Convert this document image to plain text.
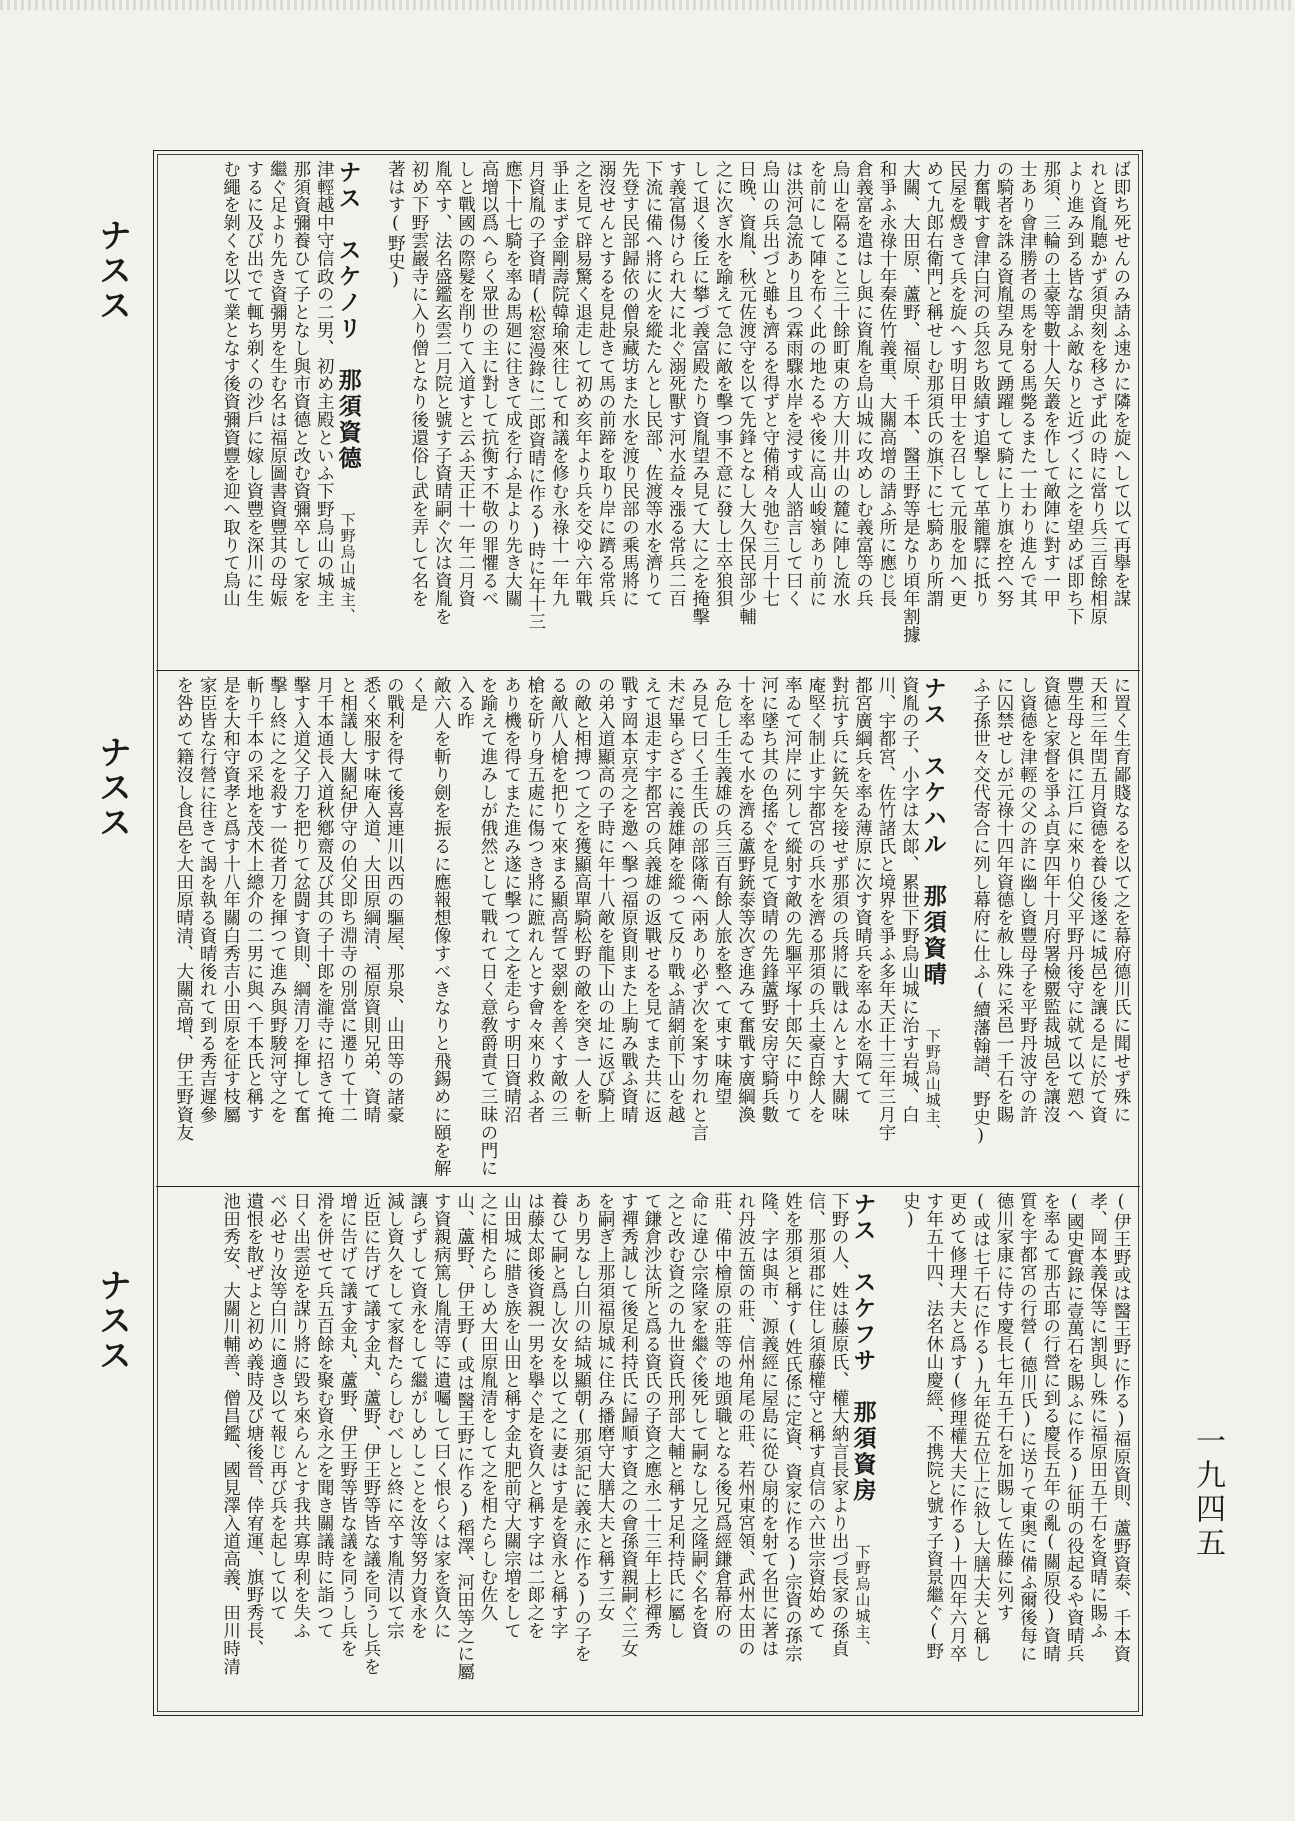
ナスス
ナスス
ナスス
一九四五

ば即ち死せんのみ請ふ速かに隣を旋へして以て再擧を謀

れと資胤聽かず須臾刻を移さず此の時に當り兵三百餘相原

より進み到る皆な謂ふ敵なりと近づくに之を望めば即ち下

那須、三輪の土豪等數十人矢叢を作して敵陣に對す一甲

士あり會津勝者の馬を射る馬斃るまた一士わり進んで其

の騎者を誅る資胤望み見て踴躍して騎に上り旗を控へ努

力奮戰す會津白河の兵忽ち敗績す追撃して革籠驛に抵り

民屋を燬きて兵を旋へす明日甲士を召して元服を加へ更

めて九郎右衛門と稱せしむ那須氏の旗下に七騎あり所謂

大關、大田原、蘆野、福原、千本、醫王野等是なり頃年割據

和爭ふ永祿十年秦佐竹義重、大關高增の請ふ所に應じ長

倉義富を遣はし與に資胤を烏山城に攻めしむ義富等の兵

烏山を隔ること三十餘町東の方大川井山の麓に陣し流水

を前にして陣を布く此の地たるや後に高山峻嶺あり前に

は洪河急流あり且つ霖雨驟水岸を浸す或人諮言して曰く

烏山の兵出づと雖も濟るを得ずと守備稍々弛む三月十七

日晚、資胤、秋元佐渡守を以て先鋒となし大久保民部少輔

之に次ぎ水を踰えて急に敵を擊つ事不意に發し士卒狼狽

して退く後丘に攀づ義富殿たり資胤望み見て大に之を掩擊

す義富傷けられ大に北ぐ溺死獸す河水益々漲る常兵二百

下流に備へ將に火を縱たんとし民部、佐渡等水を濟りて

先登す民部歸依の僧泉藏坊また水を渡り民部の乘馬將に

溺沒せんとするを見赴きて馬の前蹄を取り岸に躋る常兵

之を見て辟易驚く退走して初め亥年より兵を交ゆ六年戰

爭止まず金剛壽院韓瑜來往して和議を修む永祿十一年九

月資胤の子資晴(松窓漫錄に二郎資晴に作る)時に年十三

應下十七騎を率ゐ馬廻に往きて成を行ふ是より先き大關

高增以爲へらく眾世の主に對して抗衡す不敬の罪懼るべ

しと戰國の際髮を削りて入道すと云ふ天正十一年二月資

胤卒す、法名盛鑑玄雲二月院と號す子資晴嗣ぐ次は資胤を

初め下野雲巖寺に入り僧となり後還俗し武を弄して名を

著はす(野史)

ナス　スケノリ　那須資德　　下野烏山城主、

津輕越中守信政の二男、初め主殿といふ下野烏山の城主

那須資彌養ひて子となし與市資德と改む資彌卒して家を

繼ぐ足より先き資彌男を生む名は福原圖書資豐其の母娠

するに及び出でて輒ち剃くの沙戶に嫁し資豐を深川に生

む繩を剝くを以て業となす後資彌資豐を迎へ取りて烏山

に置く生育鄙賤なるを以て之を幕府德川氏に聞せず殊に

天和三年閏五月資德を養ひ後遂に城邑を讓る是に於て資

豐生母と俱に江戶に來り伯父平野丹後守に就て以て愬へ

資德と家督を爭ふ貞享四年十月府署檢覈監裁城邑を讓沒

し資德を津輕の父の許に幽し資豐母子を平野丹波守の許

に囚禁せしが元祿十四年資德を赦し殊に采邑一千石を賜

ふ子孫世々交代寄合に列し幕府に仕ふ(續藩翰譜、野史)

ナス　スケハル　那須資晴　　下野烏山城主、

資胤の子、小字は太郞、累世下野烏山城に治す岩城、白

川、宇都宮、佐竹諸氏と境界を爭ふ多年天正十三年三月宇

都宮廣綱兵を率ゐ薄原に次す資晴兵を率ゐ水を隔てて

對抗す兵に銃矢を接せず那須の兵將に戰はんとす大關味

庵堅く制止す宇都宮の兵水を濟る那須の兵土豪百餘人を

率ゐて河岸に列して縱射す敵の先驅平塚十郎矢に中りて

河に墜ち其の色搖ぐを見て資晴の先鋒蘆野安房守騎兵數

十を率ゐて水を濟る蘆野銃泰等次ぎ進みて奮戰す廣綱渙

み危し壬生義雄の兵三百有餘人旅を整へて東す味庵望

み見て曰く壬生氏の部隊衛へ兩あり必ず次を案す勿れと言

未だ畢らざるに義雄陣を縱って反り戰ふ請網前下山を越

えて退走す宇都宮の兵義雄の返戰せるを見てまた共に返

戰す岡本京亮之を邀へ擊つ福原資則また上駒み戰ふ資晴

の弟入道顯高の子時に年十八敵を龍下山の址に返び騎上

の敵と相搏つて之を獲顯高單騎松野の敵を突き一人を斬

る敵八人槍を把りて來まる顯高誓て翠劍を善くす敵の三

槍を斫り身五處に傷つき將に蹠れんとす會々來り救ふ者

あり機を得てまた進み遂に擊つて之を走らす明日資晴沼

を踰えて進みしが俄然として戰れて日く意敎爵責て三昧の門に入る昨

敵六人を斬り劍を振るに應報想像すべきなりと飛錫めに頤を解く是

の戰利を得て後喜連川以西の驅屋、那泉、山田等の諸豪

悉く來服す味庵入道、大田原綱清、福原資則兄弟、資晴

と相議し大關紀伊守の伯父即ち淵寺の別當に遷りて十二

月千本通長入道秋鄕齋及び其の子十郎を瀧寺に招きて掩

擊す入道父子刀を把りて忿闘す資則、綱清刀を揮して奮

擊し終に之を殺す一從者刀を揮つて進み與野駿河守之を

斬り千本の采地を茂木上總介の二男に與へ千本氏と稱す

是を大和守資孝と爲す十八年關白秀吉小田原を征す枝屬

家臣皆な行營に往きて謁を執る資晴後れて到る秀吉遲參

を咎めて籍沒し食邑を大田原晴清、大關高增、伊王野資友

(伊王野或は醫王野に作る)福原資則、蘆野資泰、千本資

孝、岡本義保等に割與し殊に福原田五千石を資晴に賜ふ

(國史實錄に壹萬石を賜ふに作る)征明の役起るや資晴兵

を率ゐて那古耶の行營に到る慶長五年の亂(關原役)資晴

質を宇都宮の行營(德川氏)に送りて東奥に備ふ爾後每に

德川家康に侍す慶長七年五千石を加賜して佐藤に列す

(或は七千石に作る)九年從五位上に敘し大膳大夫と稱し

更めて修理大夫と爲す(修理權大夫に作る)十四年六月卒

す年五十四、法名休山慶經、不携院と號す子資景繼ぐ(野

史)

ナス　スケフサ　那須資房　　下野烏山城主、

下野の人、姓は藤原氏、權大納言長家より出づ長家の孫貞

信、那須郡に住し須藤權守と稱す貞信の六世宗資始めて

姓を那須と稱す(姓氏係に定資、資家に作る)宗資の孫宗

隆、字は與市、源義經に屋島に從ひ扇的を射て名世に著は

れ丹波五箇の莊、信州角尾の莊、若州東宮領、武州太田の

莊、備中檜原の莊等の地頭職となる後兄爲經鎌倉幕府の

命に違ひ宗隆家を繼ぐ後死して嗣なし兄之隆嗣ぐ名を資

之と改む資之の九世資氏刑部大輔と稱す足利持氏に屬し

て鎌倉沙汰所と爲る資氏の子資之應永二十三年上杉禪秀

す禪秀誠して後足利持氏に歸順す資之の會孫資親嗣ぐ三女

を嗣ぎ上那須福原城に住み播磨守大膳大夫と稱す三女

あり男なし白川の結城顯朝(那須記に義永に作る)の子を

養ひて嗣と爲し次女を以て之に妻はす是を資永と稱す字

は藤太郞後資親一男を擧ぐ是を資久と稱す字は二郞之を

山田城に腊き族を山田と稱す金丸肥前守大關宗増をして

之に相たらしめ大田原胤清をして之を相たらしむ佐久

山、蘆野、伊王野(或は醫王野に作る)稻澤、河田等之に屬

す資親病篤し胤清等に遺囑して曰く恨らくは家を資久に

讓らずして資永をして繼がしめしことを汝等努力資永を

減し資久をして家督たらしむべしと終に卒す胤清以て宗

近臣に告げて議す金丸、蘆野、伊王野等皆な議を同うし兵を

增に告げて議す金丸、蘆野、伊王野等皆な議を同うし兵を

滑を併せて兵五百餘を聚む資永之を聞き關議時に詣つて

日く出雲逆を謀り將に毀ち來らんとす我共寡卑利を失ふ

べ必せり汝等白川に適き以て報じ再び兵を起して以て

遺恨を散ぜよと初め義時及び塘後晉、倖宥運、旗野秀長、

池田秀安、大關川輔善、僧昌鑑、國見澤入道高義、田川時清
